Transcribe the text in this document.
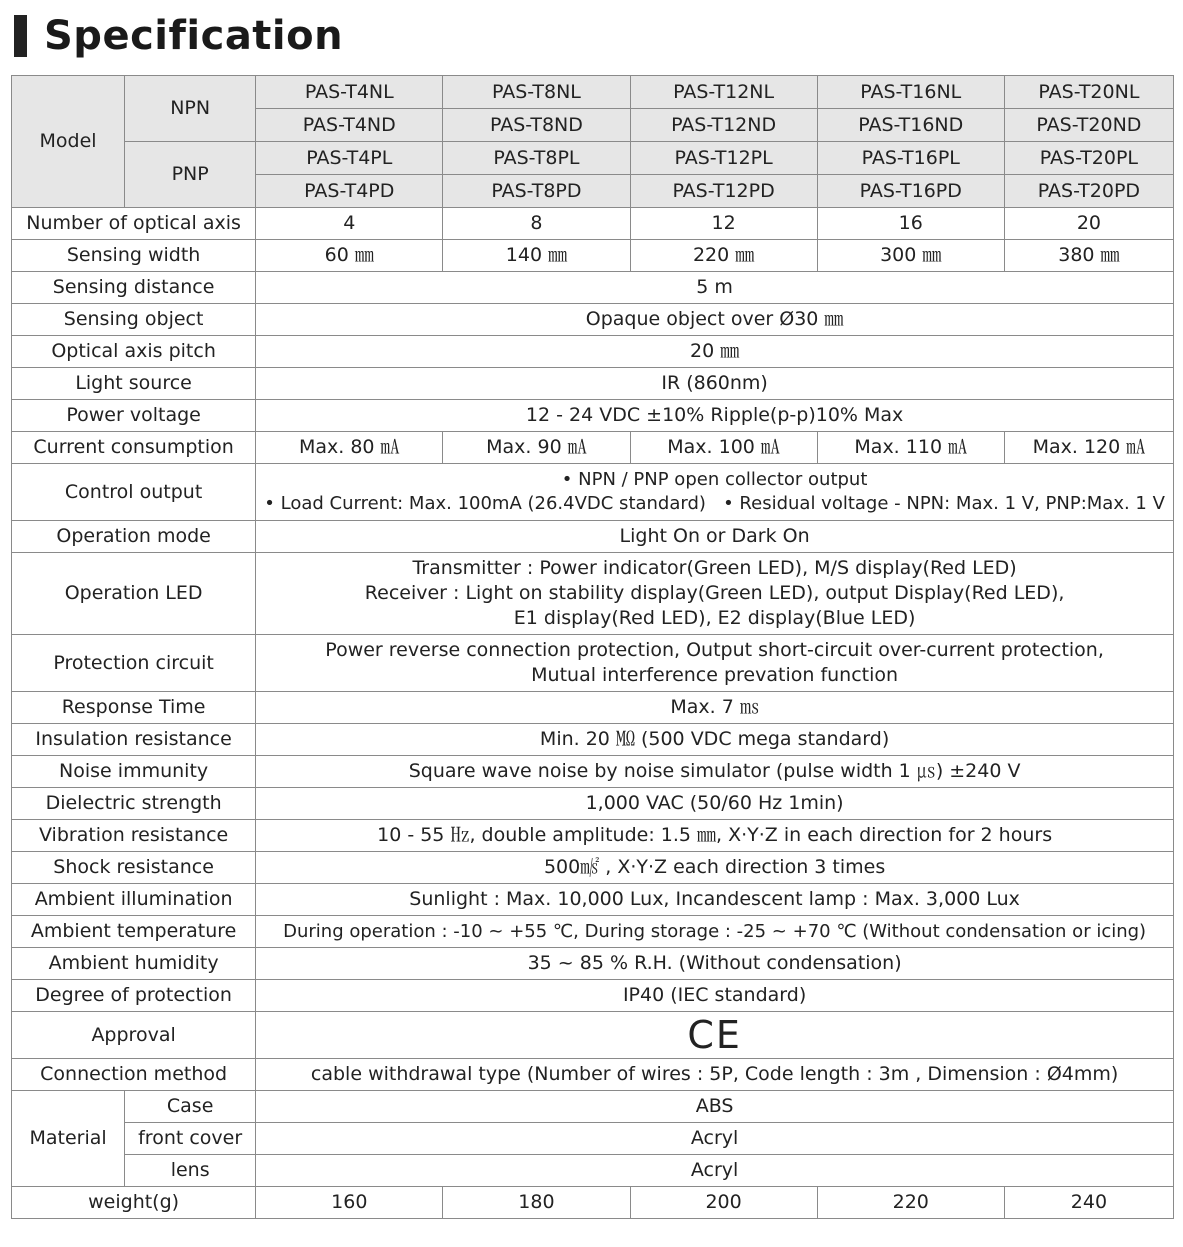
Specification
Model	NPN	PAS-T4NL	PAS-T8NL	PAS-T12NL	PAS-T16NL	PAS-T20NL
		PAS-T4ND	PAS-T8ND	PAS-T12ND	PAS-T16ND	PAS-T20ND
	PNP	PAS-T4PL	PAS-T8PL	PAS-T12PL	PAS-T16PL	PAS-T20PL
		PAS-T4PD	PAS-T8PD	PAS-T12PD	PAS-T16PD	PAS-T20PD
Number of optical axis		4	8	12	16	20
Sensing width		60 ㎜	140 ㎜	220 ㎜	300 ㎜	380 ㎜
Sensing distance		5 m				
Sensing object		Opaque object over Ø30 ㎜				
Optical axis pitch		20 ㎜				
Light source		IR (860nm)				
Power voltage		12 - 24 VDC ±10% Ripple(p-p)10% Max				
Current consumption		Max. 80 ㎃	Max. 90 ㎃	Max. 100 ㎃	Max. 110 ㎃	Max. 120 ㎃
Control output		• NPN / PNP open collector output
• Load Current: Max. 100mA (26.4VDC standard)   • Residual voltage - NPN: Max. 1 V, PNP:Max. 1 V				

Operation mode		Light On or Dark On				
Operation LED		Transmitter : Power indicator(Green LED), M/S display(Red LED)
Receiver : Light on stability display(Green LED), output Display(Red LED),
E1 display(Red LED), E2 display(Blue LED)				

Protection circuit		Power reverse connection protection, Output short-circuit over-current protection,
Mutual interference prevation function				

Response Time		Max. 7 ㎳				
Insulation resistance		Min. 20 ㏁ (500 VDC mega standard)				
Noise immunity		Square wave noise by noise simulator (pulse width 1 ㎲) ±240 V				
Dielectric strength		1,000 VAC (50/60 Hz 1min)				
Vibration resistance		10 - 55 ㎐, double amplitude: 1.5 ㎜, X·Y·Z in each direction for 2 hours				
Shock resistance		500㎨ , X·Y·Z each direction 3 times				
Ambient illumination		Sunlight : Max. 10,000 Lux, Incandescent lamp : Max. 3,000 Lux				
Ambient temperature		During operation : -10 ~ +55 ℃, During storage : -25 ~ +70 ℃ (Without condensation or icing)				
Ambient humidity		35 ~ 85 % R.H. (Without condensation)				
Degree of protection		IP40 (IEC standard)				
Approval		CE				
Connection method		cable withdrawal type (Number of wires : 5P, Code length : 3m , Dimension : Ø4mm)				
Material	Case	ABS				
	front cover	Acryl				
	lens	Acryl				
weight(g)		160	180	200	220	240
